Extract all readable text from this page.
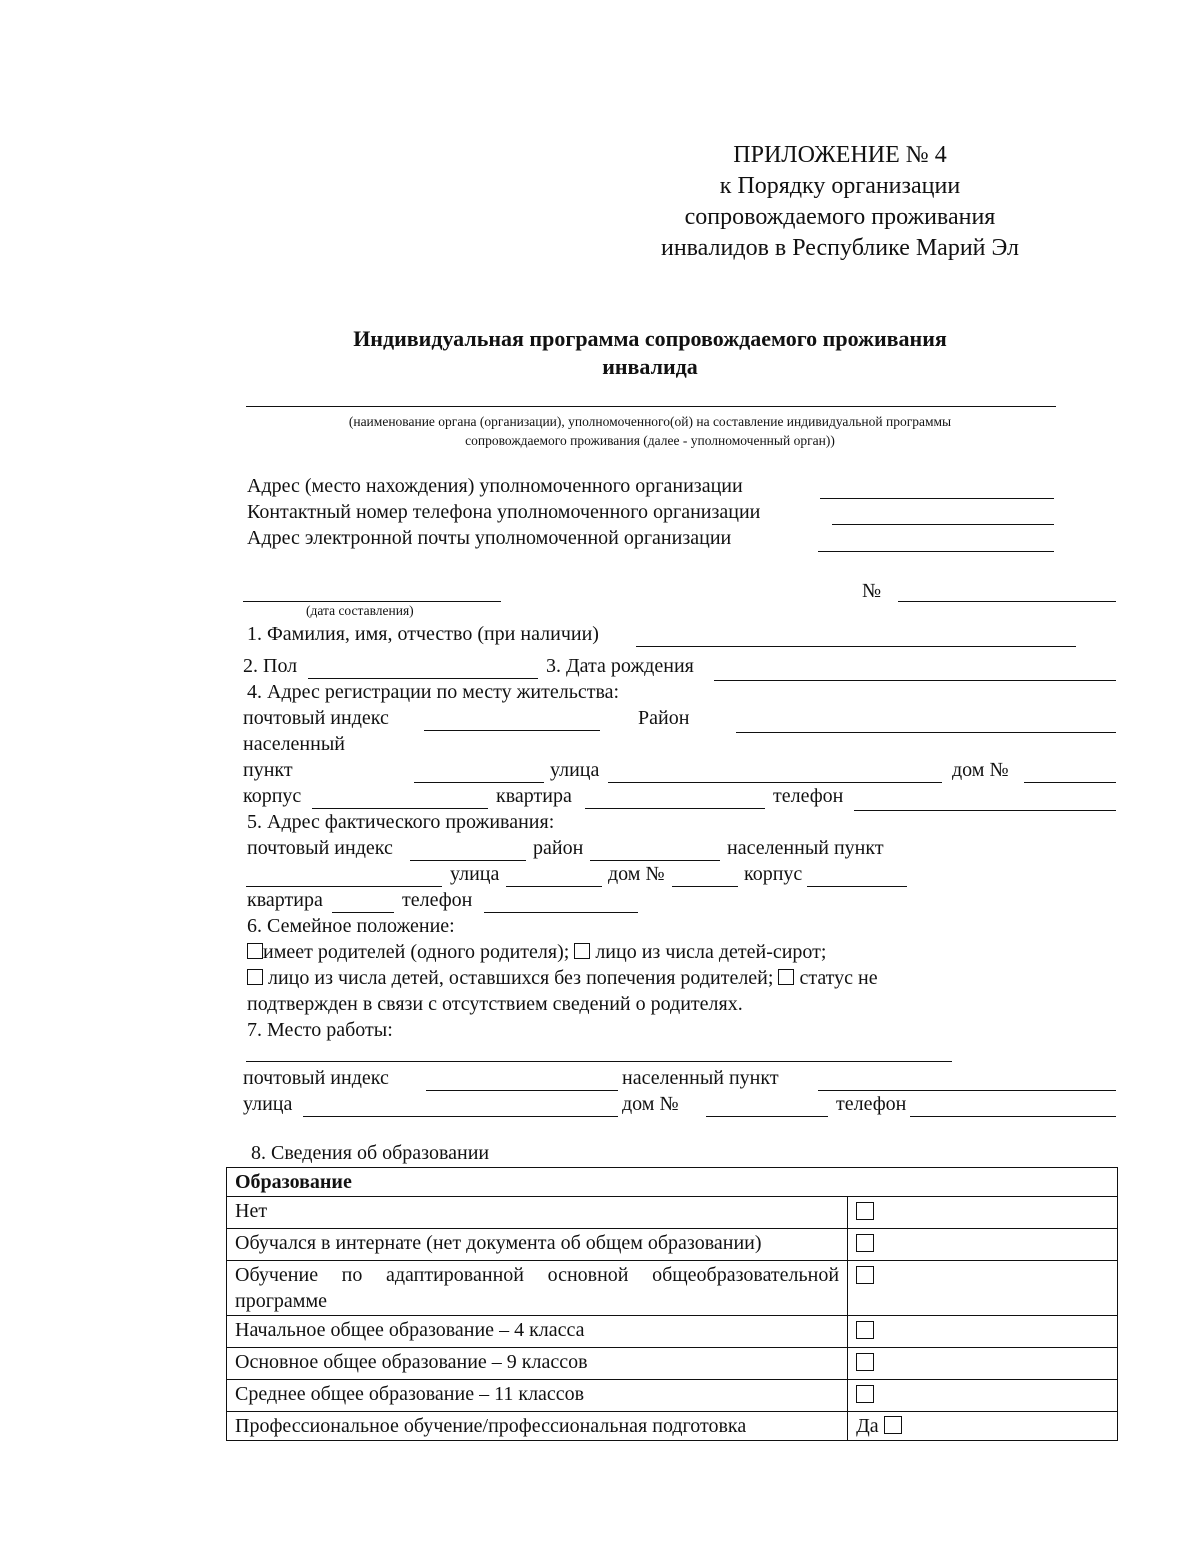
ПРИЛОЖЕНИЕ № 4
к Порядку организации
сопровождаемого проживания
инвалидов в Республике Марий Эл
Индивидуальная программа сопровождаемого проживания
инвалида
(наименование органа (организации), уполномоченного(ой) на составление индивидуальной программы
сопровождаемого проживания (далее - уполномоченный орган))
Адрес (место нахождения) уполномоченного организации
Контактный номер телефона уполномоченного организации
Адрес электронной почты уполномоченной организации
(дата составления)
№
1. Фамилия, имя, отчество (при наличии)
2. Пол	3. Дата рождения
4. Адрес регистрации по месту жительства:
почтовый индекс	Район
населенный
пункт	улица	дом №
корпус	квартира	телефон
5. Адрес фактического проживания:
почтовый индекс	район	населенный пункт
улица	дом №	корпус
квартира	телефон
6. Семейное положение:
имеет родителей (одного родителя); лицо из числа детей-сирот;
лицо из числа детей, оставшихся без попечения родителей; статус не
подтвержден в связи с отсутствием сведений о родителях.
7. Место работы:
почтовый индекс	населенный пункт
улица	дом №	телефон
8. Сведения об образовании
Образование	
Нет	
Обучался в интернате (нет документа об общем образовании)	

Обучение по адаптированной основной общеобразовательной
программе	
Начальное общее образование – 4 класса	
Основное общее образование – 9 классов	
Среднее общее образование – 11 классов	
Профессиональное обучение/профессиональная подготовка	Да
